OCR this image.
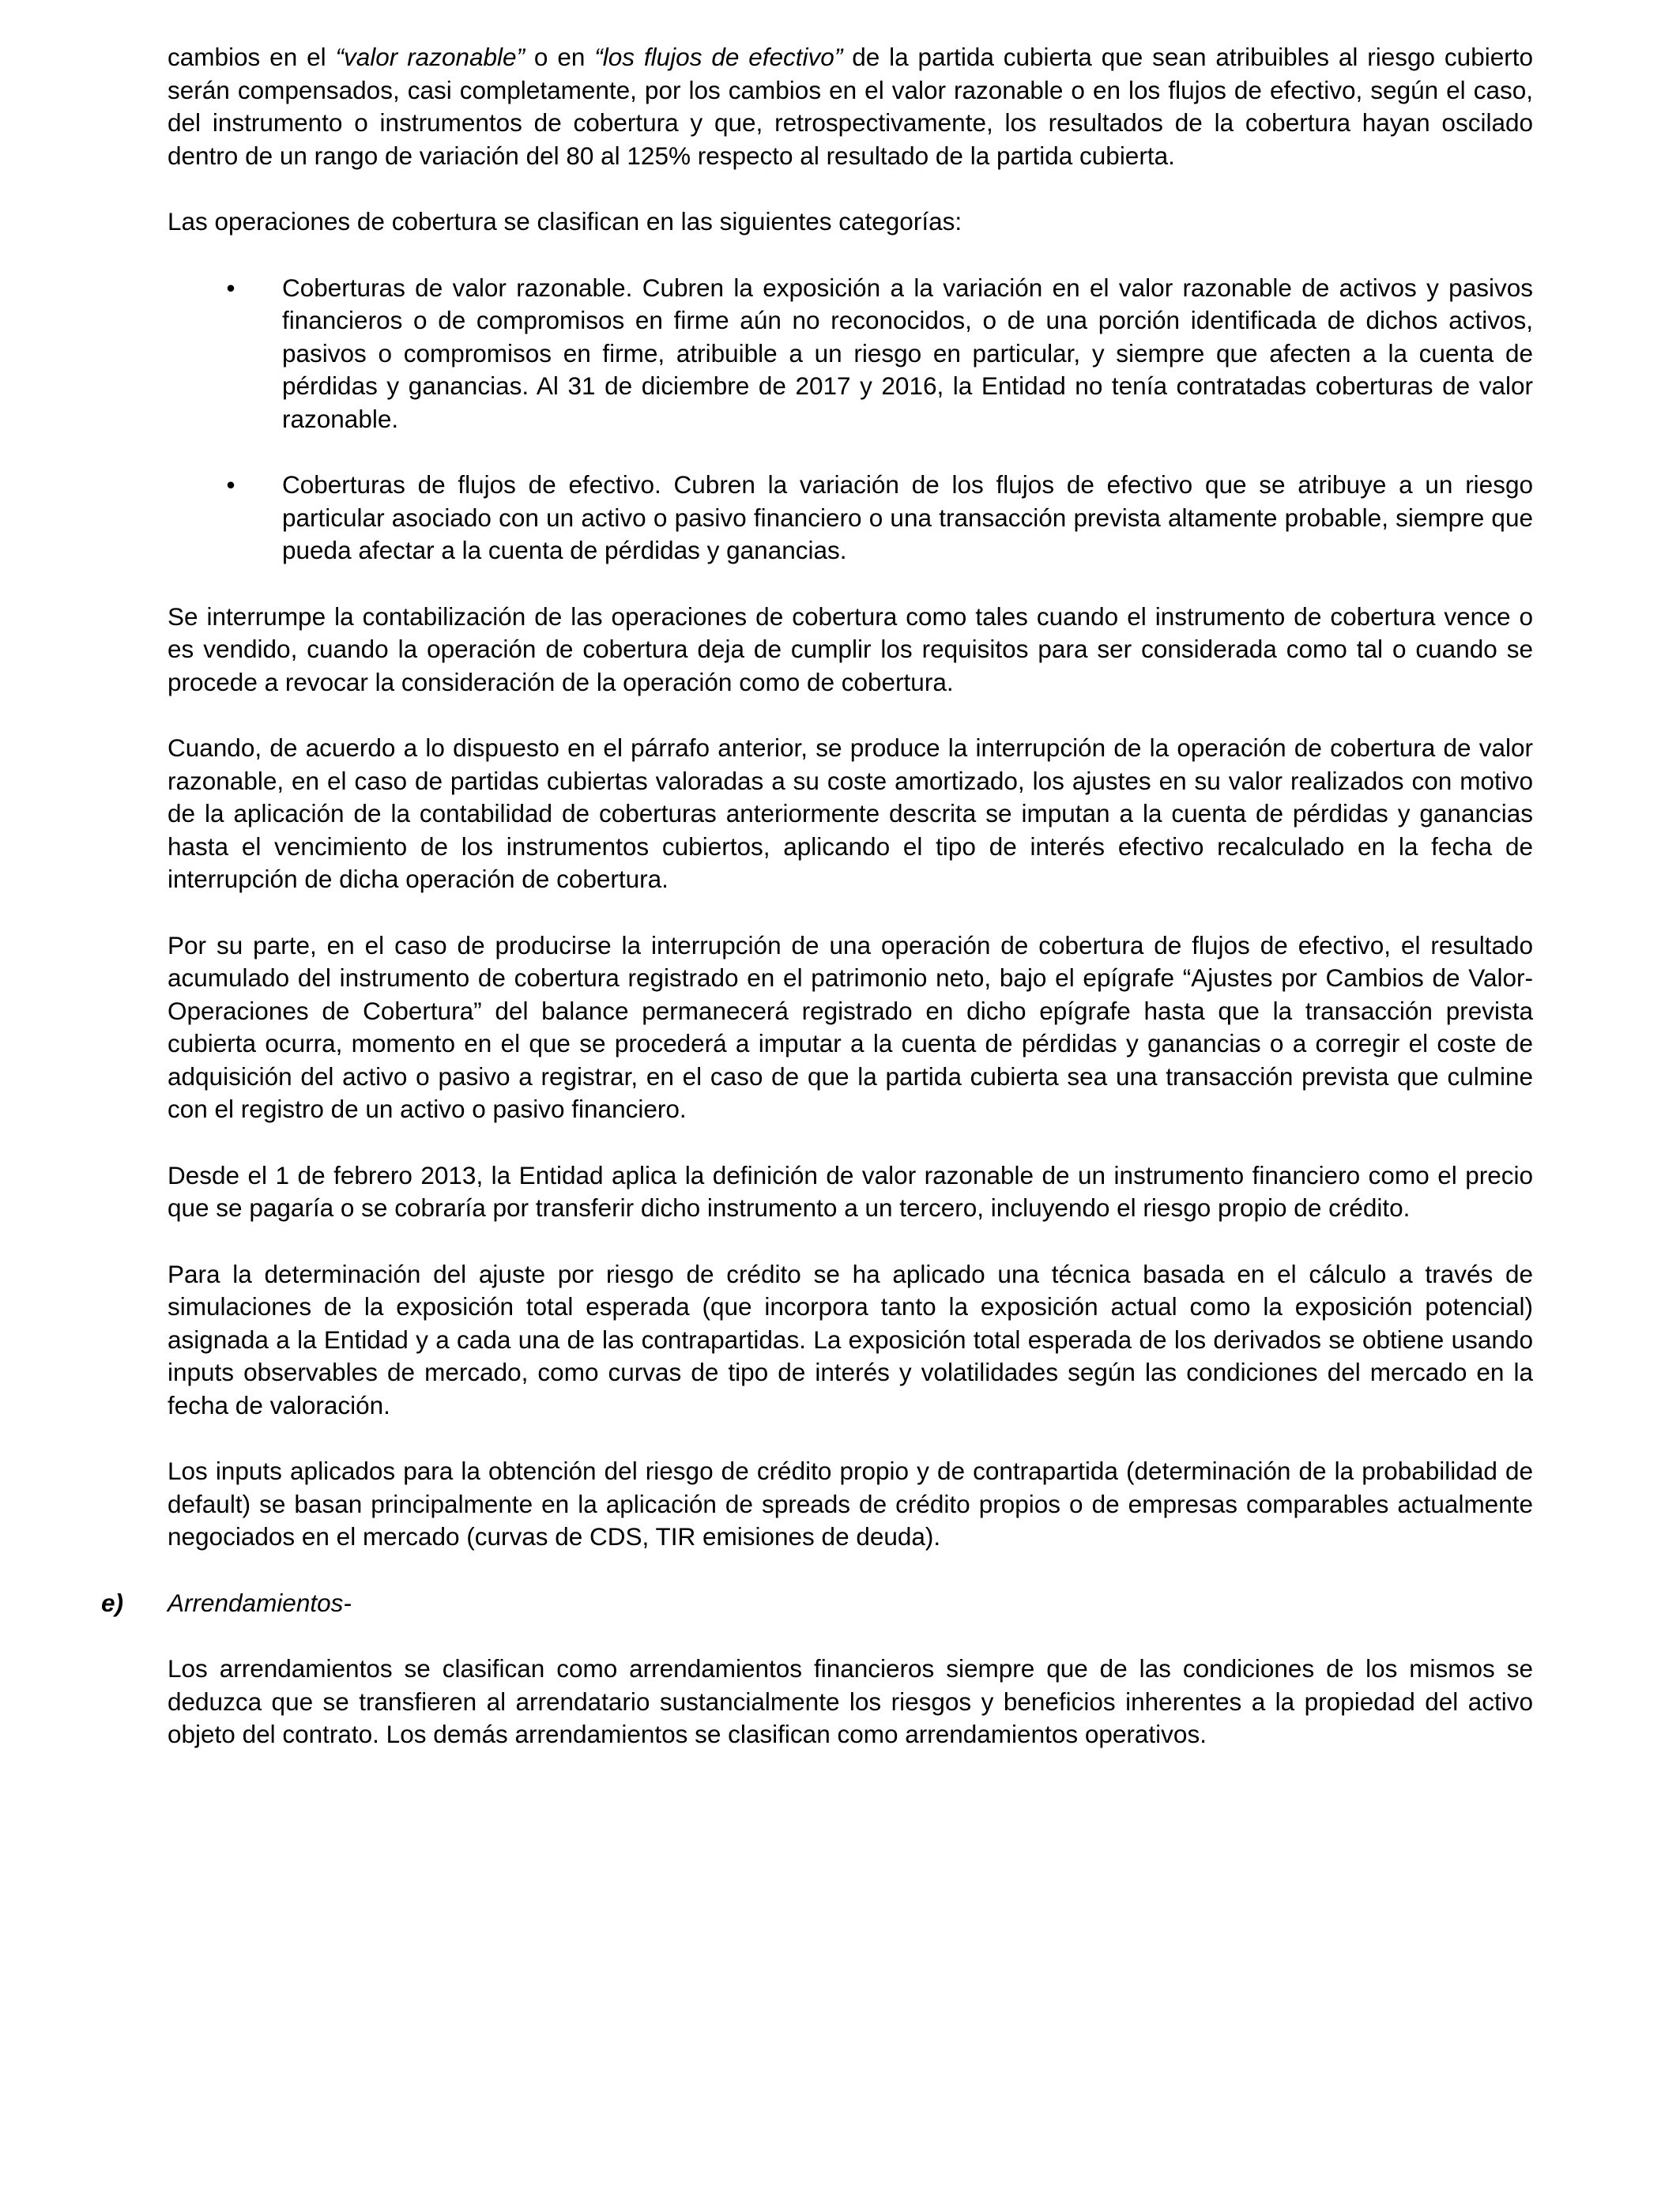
cambios en el “valor razonable” o en “los flujos de efectivo” de la partida cubierta que sean atribuibles al riesgo cubierto serán compensados, casi completamente, por los cambios en el valor razonable o en los flujos de efectivo, según el caso, del instrumento o instrumentos de cobertura y que, retrospectivamente, los resultados de la cobertura hayan oscilado dentro de un rango de variación del 80 al 125% respecto al resultado de la partida cubierta.

Las operaciones de cobertura se clasifican en las siguientes categorías:

• Coberturas de valor razonable. Cubren la exposición a la variación en el valor razonable de activos y pasivos financieros o de compromisos en firme aún no reconocidos, o de una porción identificada de dichos activos, pasivos o compromisos en firme, atribuible a un riesgo en particular, y siempre que afecten a la cuenta de pérdidas y ganancias. Al 31 de diciembre de 2017 y 2016, la Entidad no tenía contratadas coberturas de valor razonable.
• Coberturas de flujos de efectivo. Cubren la variación de los flujos de efectivo que se atribuye a un riesgo particular asociado con un activo o pasivo financiero o una transacción prevista altamente probable, siempre que pueda afectar a la cuenta de pérdidas y ganancias.

Se interrumpe la contabilización de las operaciones de cobertura como tales cuando el instrumento de cobertura vence o es vendido, cuando la operación de cobertura deja de cumplir los requisitos para ser considerada como tal o cuando se procede a revocar la consideración de la operación como de cobertura.

Cuando, de acuerdo a lo dispuesto en el párrafo anterior, se produce la interrupción de la operación de cobertura de valor razonable, en el caso de partidas cubiertas valoradas a su coste amortizado, los ajustes en su valor realizados con motivo de la aplicación de la contabilidad de coberturas anteriormente descrita se imputan a la cuenta de pérdidas y ganancias hasta el vencimiento de los instrumentos cubiertos, aplicando el tipo de interés efectivo recalculado en la fecha de interrupción de dicha operación de cobertura.

Por su parte, en el caso de producirse la interrupción de una operación de cobertura de flujos de efectivo, el resultado acumulado del instrumento de cobertura registrado en el patrimonio neto, bajo el epígrafe “Ajustes por Cambios de Valor-Operaciones de Cobertura” del balance permanecerá registrado en dicho epígrafe hasta que la transacción prevista cubierta ocurra, momento en el que se procederá a imputar a la cuenta de pérdidas y ganancias o a corregir el coste de adquisición del activo o pasivo a registrar, en el caso de que la partida cubierta sea una transacción prevista que culmine con el registro de un activo o pasivo financiero.

Desde el 1 de febrero 2013, la Entidad aplica la definición de valor razonable de un instrumento financiero como el precio que se pagaría o se cobraría por transferir dicho instrumento a un tercero, incluyendo el riesgo propio de crédito.

Para la determinación del ajuste por riesgo de crédito se ha aplicado una técnica basada en el cálculo a través de simulaciones de la exposición total esperada (que incorpora tanto la exposición actual como la exposición potencial) asignada a la Entidad y a cada una de las contrapartidas. La exposición total esperada de los derivados se obtiene usando inputs observables de mercado, como curvas de tipo de interés y volatilidades según las condiciones del mercado en la fecha de valoración.

Los inputs aplicados para la obtención del riesgo de crédito propio y de contrapartida (determinación de la probabilidad de default) se basan principalmente en la aplicación de spreads de crédito propios o de empresas comparables actualmente negociados en el mercado (curvas de CDS, TIR emisiones de deuda).

e) Arrendamientos-

Los arrendamientos se clasifican como arrendamientos financieros siempre que de las condiciones de los mismos se deduzca que se transfieren al arrendatario sustancialmente los riesgos y beneficios inherentes a la propiedad del activo objeto del contrato. Los demás arrendamientos se clasifican como arrendamientos operativos.
